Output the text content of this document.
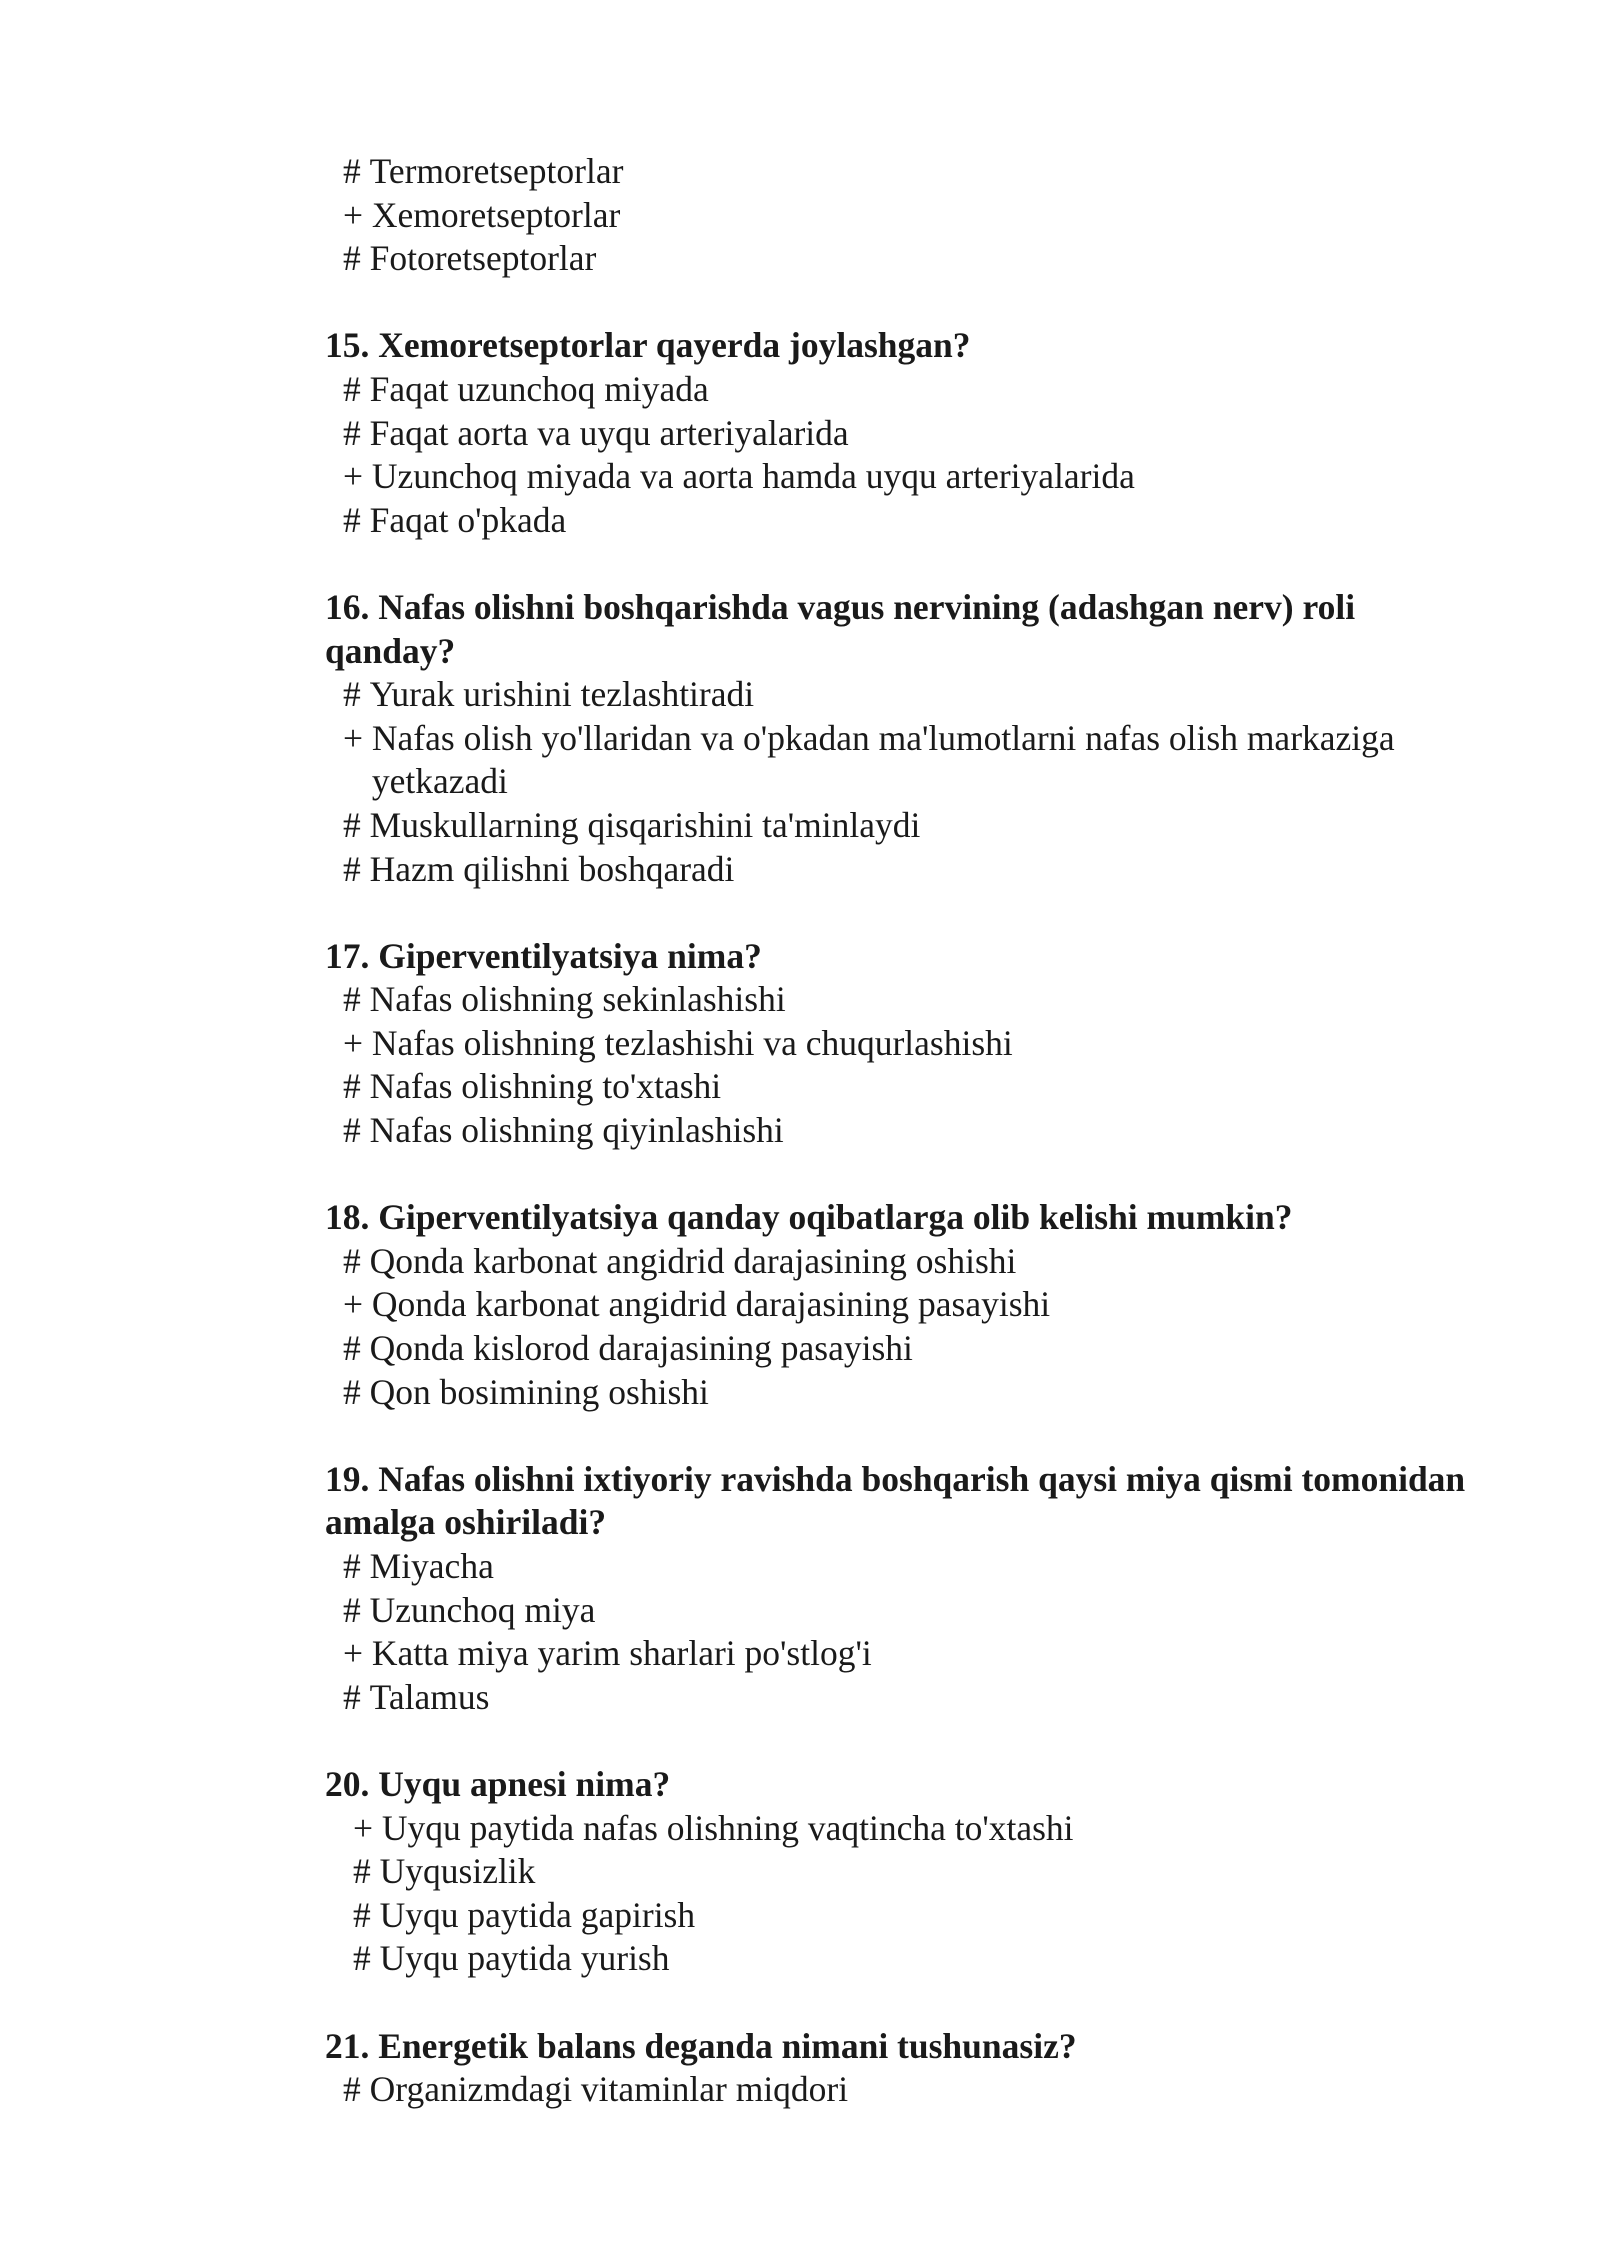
#
Termoretseptorlar

+
Xemoretseptorlar

#
Fotoretseptorlar

15. Xemoretseptorlar qayerda joylashgan?

#
Faqat uzunchoq miyada

#
Faqat aorta va uyqu arteriyalarida

+
Uzunchoq miyada va aorta hamda uyqu arteriyalarida

#
Faqat o'pkada

16. Nafas olishni boshqarishda vagus nervining (adashgan nerv) roli qanday?

#
Yurak urishini tezlashtiradi

+
Nafas olish yo'llaridan va o'pkadan ma'lumotlarni nafas olish markaziga yetkazadi

#
Muskullarning qisqarishini ta'minlaydi

#
Hazm qilishni boshqaradi

17. Giperventilyatsiya nima?

#
Nafas olishning sekinlashishi

+
Nafas olishning tezlashishi va chuqurlashishi

#
Nafas olishning to'xtashi

#
Nafas olishning qiyinlashishi

18. Giperventilyatsiya qanday oqibatlarga olib kelishi mumkin?

#
Qonda karbonat angidrid darajasining oshishi

+
Qonda karbonat angidrid darajasining pasayishi

#
Qonda kislorod darajasining pasayishi

#
Qon bosimining oshishi

19. Nafas olishni ixtiyoriy ravishda boshqarish qaysi miya qismi tomonidan amalga oshiriladi?

#
Miyacha

#
Uzunchoq miya

+
Katta miya yarim sharlari po'stlog'i

#
Talamus

20. Uyqu apnesi nima?

+
Uyqu paytida nafas olishning vaqtincha to'xtashi

#
Uyqusizlik

#
Uyqu paytida gapirish

#
Uyqu paytida yurish

21. Energetik balans deganda nimani tushunasiz?

#
Organizmdagi vitaminlar miqdori
